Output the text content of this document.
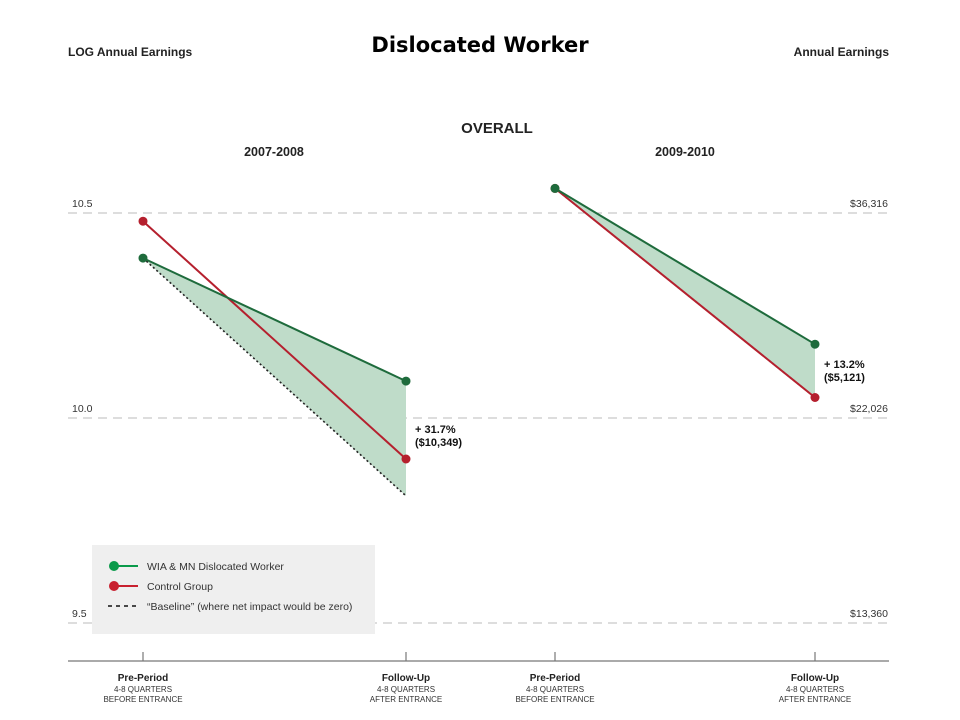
Dislocated Worker
LOG Annual Earnings	Annual Earnings
OVERALL
2007-2008	2009-2010
10.5	$36,316
10.0	$22,026
9.5	$13,360
WIA & MN Dislocated Worker
Control Group
“Baseline” (where net impact would be zero)
+ 31.7%
($10,349)
+ 13.2%
($5,121)
Pre-Period
4-8 QUARTERS
BEFORE ENTRANCE
Follow-Up
4-8 QUARTERS
AFTER ENTRANCE
Pre-Period
4-8 QUARTERS
BEFORE ENTRANCE
Follow-Up
4-8 QUARTERS
AFTER ENTRANCE
